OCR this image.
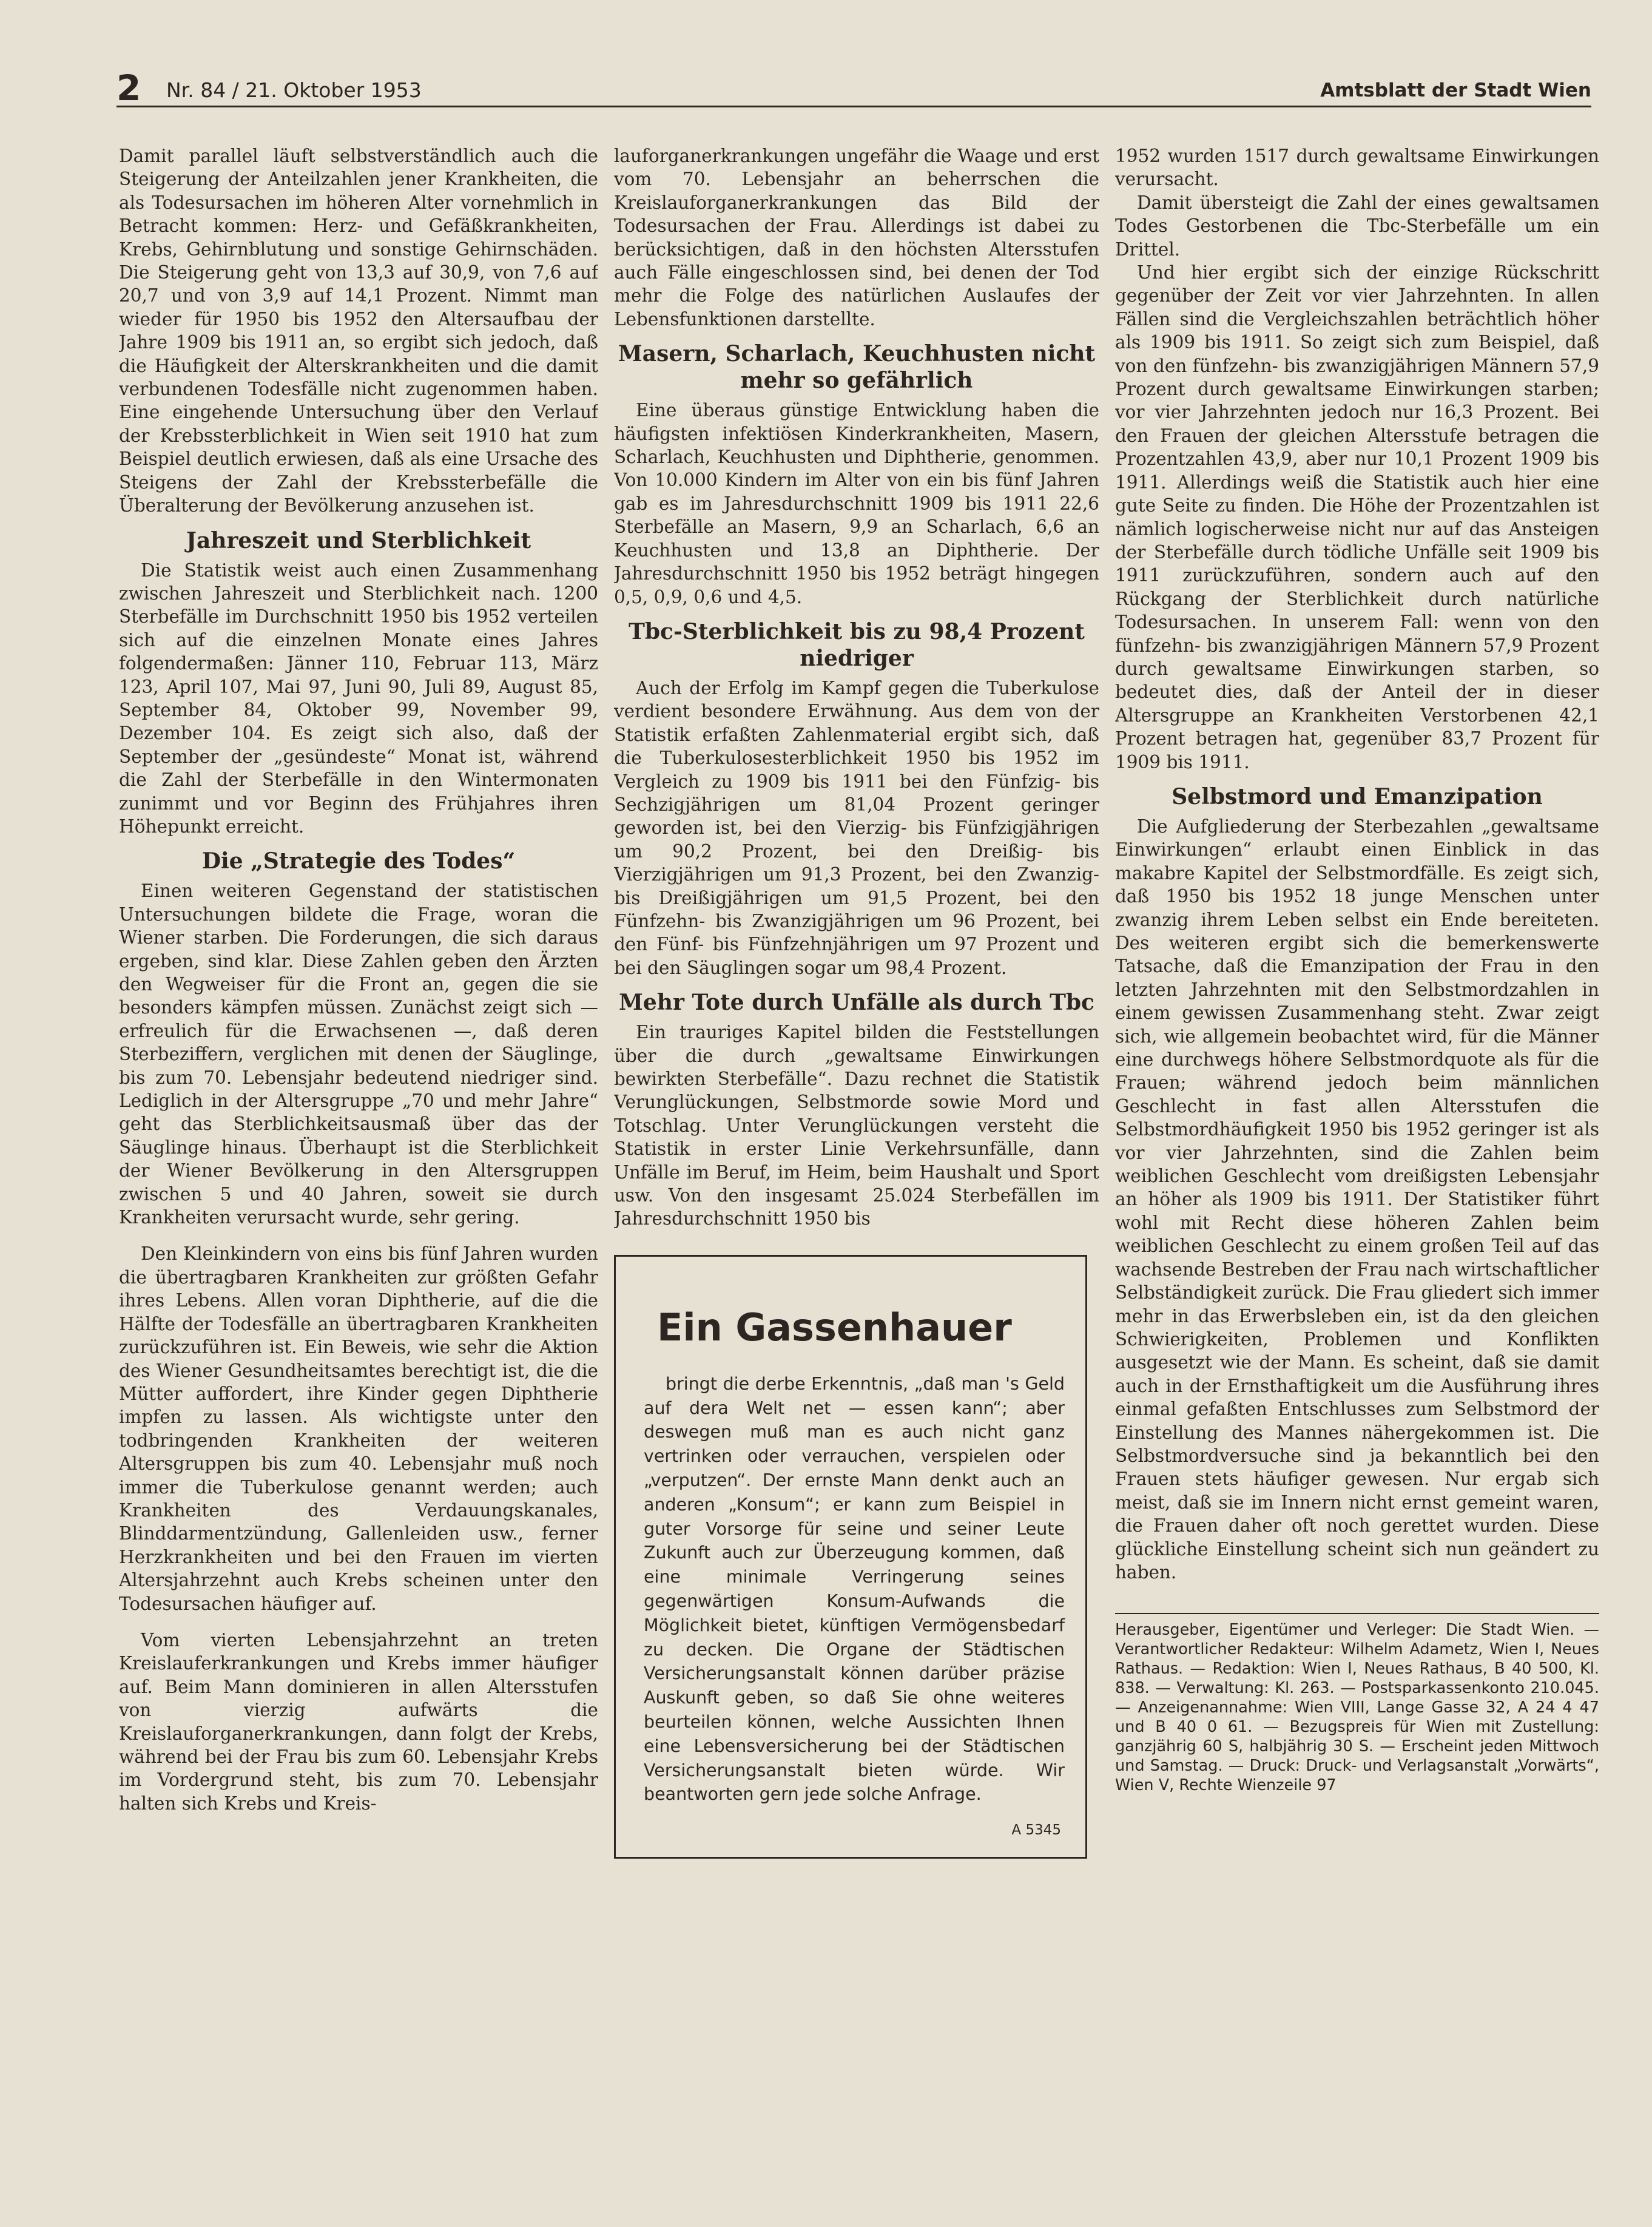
2 Nr. 84 / 21. Oktober 1953	Amtsblatt der Stadt Wien

Damit parallel läuft selbstverständlich auch die Steigerung der Anteilzahlen jener Krankheiten, die als Todesursachen im höheren Alter vornehmlich in Betracht kommen: Herz- und Gefäßkrankheiten, Krebs, Gehirnblutung und sonstige Gehirnschäden. Die Steigerung geht von 13,3 auf 30,9, von 7,6 auf 20,7 und von 3,9 auf 14,1 Prozent. Nimmt man wieder für 1950 bis 1952 den Altersaufbau der Jahre 1909 bis 1911 an, so ergibt sich jedoch, daß die Häufigkeit der Alterskrankheiten und die damit verbundenen Todesfälle nicht zugenommen haben. Eine eingehende Untersuchung über den Verlauf der Krebssterblichkeit in Wien seit 1910 hat zum Beispiel deutlich erwiesen, daß als eine Ursache des Steigens der Zahl der Krebssterbefälle die Überalterung der Bevölkerung anzusehen ist.

Jahreszeit und Sterblichkeit

Die Statistik weist auch einen Zusammenhang zwischen Jahreszeit und Sterblichkeit nach. 1200 Sterbefälle im Durchschnitt 1950 bis 1952 verteilen sich auf die einzelnen Monate eines Jahres folgendermaßen: Jänner 110, Februar 113, März 123, April 107, Mai 97, Juni 90, Juli 89, August 85, September 84, Oktober 99, November 99, Dezember 104. Es zeigt sich also, daß der September der „gesündeste“ Monat ist, während die Zahl der Sterbefälle in den Wintermonaten zunimmt und vor Beginn des Frühjahres ihren Höhepunkt erreicht.

Die „Strategie des Todes“

Einen weiteren Gegenstand der statistischen Untersuchungen bildete die Frage, woran die Wiener starben. Die Forderungen, die sich daraus ergeben, sind klar. Diese Zahlen geben den Ärzten den Wegweiser für die Front an, gegen die sie besonders kämpfen müssen. Zunächst zeigt sich — erfreulich für die Erwachsenen —, daß deren Sterbeziffern, verglichen mit denen der Säuglinge, bis zum 70. Lebensjahr bedeutend niedriger sind. Lediglich in der Altersgruppe „70 und mehr Jahre“ geht das Sterblichkeitsausmaß über das der Säuglinge hinaus. Überhaupt ist die Sterblichkeit der Wiener Bevölkerung in den Altersgruppen zwischen 5 und 40 Jahren, soweit sie durch Krankheiten verursacht wurde, sehr gering.

Den Kleinkindern von eins bis fünf Jahren wurden die übertragbaren Krankheiten zur größten Gefahr ihres Lebens. Allen voran Diphtherie, auf die die Hälfte der Todesfälle an übertragbaren Krankheiten zurückzuführen ist. Ein Beweis, wie sehr die Aktion des Wiener Gesundheitsamtes berechtigt ist, die die Mütter auffordert, ihre Kinder gegen Diphtherie impfen zu lassen. Als wichtigste unter den todbringenden Krankheiten der weiteren Altersgruppen bis zum 40. Lebensjahr muß noch immer die Tuberkulose genannt werden; auch Krankheiten des Verdauungskanales, Blinddarmentzündung, Gallenleiden usw., ferner Herzkrankheiten und bei den Frauen im vierten Altersjahrzehnt auch Krebs scheinen unter den Todesursachen häufiger auf.

Vom vierten Lebensjahrzehnt an treten Kreislauferkrankungen und Krebs immer häufiger auf. Beim Mann dominieren in allen Altersstufen von vierzig aufwärts die Kreislauforganerkrankungen, dann folgt der Krebs, während bei der Frau bis zum 60. Lebensjahr Krebs im Vordergrund steht, bis zum 70. Lebensjahr halten sich Krebs und Kreis-

lauforganerkrankungen ungefähr die Waage und erst vom 70. Lebensjahr an beherrschen die Kreislauforganerkrankungen das Bild der Todesursachen der Frau. Allerdings ist dabei zu berücksichtigen, daß in den höchsten Altersstufen auch Fälle eingeschlossen sind, bei denen der Tod mehr die Folge des natürlichen Auslaufes der Lebensfunktionen darstellte.

Masern, Scharlach, Keuchhusten nicht mehr so gefährlich

Eine überaus günstige Entwicklung haben die häufigsten infektiösen Kinderkrankheiten, Masern, Scharlach, Keuchhusten und Diphtherie, genommen. Von 10.000 Kindern im Alter von ein bis fünf Jahren gab es im Jahresdurchschnitt 1909 bis 1911 22,6 Sterbefälle an Masern, 9,9 an Scharlach, 6,6 an Keuchhusten und 13,8 an Diphtherie. Der Jahresdurchschnitt 1950 bis 1952 beträgt hingegen 0,5, 0,9, 0,6 und 4,5.

Tbc-Sterblichkeit bis zu 98,4 Prozent niedriger

Auch der Erfolg im Kampf gegen die Tuberkulose verdient besondere Erwähnung. Aus dem von der Statistik erfaßten Zahlenmaterial ergibt sich, daß die Tuberkulosesterblichkeit 1950 bis 1952 im Vergleich zu 1909 bis 1911 bei den Fünfzig- bis Sechzigjährigen um 81,04 Prozent geringer geworden ist, bei den Vierzig- bis Fünfzigjährigen um 90,2 Prozent, bei den Dreißig- bis Vierzigjährigen um 91,3 Prozent, bei den Zwanzig- bis Dreißigjährigen um 91,5 Prozent, bei den Fünfzehn- bis Zwanzigjährigen um 96 Prozent, bei den Fünf- bis Fünfzehnjährigen um 97 Prozent und bei den Säuglingen sogar um 98,4 Prozent.

Mehr Tote durch Unfälle als durch Tbc

Ein trauriges Kapitel bilden die Feststellungen über die durch „gewaltsame Einwirkungen bewirkten Sterbefälle“. Dazu rechnet die Statistik Verunglückungen, Selbstmorde sowie Mord und Totschlag. Unter Verunglückungen versteht die Statistik in erster Linie Verkehrsunfälle, dann Unfälle im Beruf, im Heim, beim Haushalt und Sport usw. Von den insgesamt 25.024 Sterbefällen im Jahresdurchschnitt 1950 bis

Ein Gassenhauer

bringt die derbe Erkenntnis, „daß man 's Geld auf dera Welt net — essen kann“; aber deswegen muß man es auch nicht ganz vertrinken oder verrauchen, verspielen oder „verputzen“. Der ernste Mann denkt auch an anderen „Konsum“; er kann zum Beispiel in guter Vorsorge für seine und seiner Leute Zukunft auch zur Überzeugung kommen, daß eine minimale Verringerung seines gegenwärtigen Konsum-Aufwands die Möglichkeit bietet, künftigen Vermögensbedarf zu decken. Die Organe der Städtischen Versicherungsanstalt können darüber präzise Auskunft geben, so daß Sie ohne weiteres beurteilen können, welche Aussichten Ihnen eine Lebensversicherung bei der Städtischen Versicherungsanstalt bieten würde. Wir beantworten gern jede solche Anfrage.

A 5345

1952 wurden 1517 durch gewaltsame Einwirkungen verursacht.

Damit übersteigt die Zahl der eines gewaltsamen Todes Gestorbenen die Tbc-Sterbefälle um ein Drittel.

Und hier ergibt sich der einzige Rückschritt gegenüber der Zeit vor vier Jahrzehnten. In allen Fällen sind die Vergleichszahlen beträchtlich höher als 1909 bis 1911. So zeigt sich zum Beispiel, daß von den fünfzehn- bis zwanzigjährigen Männern 57,9 Prozent durch gewaltsame Einwirkungen starben; vor vier Jahrzehnten jedoch nur 16,3 Prozent. Bei den Frauen der gleichen Altersstufe betragen die Prozentzahlen 43,9, aber nur 10,1 Prozent 1909 bis 1911. Allerdings weiß die Statistik auch hier eine gute Seite zu finden. Die Höhe der Prozentzahlen ist nämlich logischerweise nicht nur auf das Ansteigen der Sterbefälle durch tödliche Unfälle seit 1909 bis 1911 zurückzuführen, sondern auch auf den Rückgang der Sterblichkeit durch natürliche Todesursachen. In unserem Fall: wenn von den fünfzehn- bis zwanzigjährigen Männern 57,9 Prozent durch gewaltsame Einwirkungen starben, so bedeutet dies, daß der Anteil der in dieser Altersgruppe an Krankheiten Verstorbenen 42,1 Prozent betragen hat, gegenüber 83,7 Prozent für 1909 bis 1911.

Selbstmord und Emanzipation

Die Aufgliederung der Sterbezahlen „gewaltsame Einwirkungen“ erlaubt einen Einblick in das makabre Kapitel der Selbstmordfälle. Es zeigt sich, daß 1950 bis 1952 18 junge Menschen unter zwanzig ihrem Leben selbst ein Ende bereiteten. Des weiteren ergibt sich die bemerkenswerte Tatsache, daß die Emanzipation der Frau in den letzten Jahrzehnten mit den Selbstmordzahlen in einem gewissen Zusammenhang steht. Zwar zeigt sich, wie allgemein beobachtet wird, für die Männer eine durchwegs höhere Selbstmordquote als für die Frauen; während jedoch beim männlichen Geschlecht in fast allen Altersstufen die Selbstmordhäufigkeit 1950 bis 1952 geringer ist als vor vier Jahrzehnten, sind die Zahlen beim weiblichen Geschlecht vom dreißigsten Lebensjahr an höher als 1909 bis 1911. Der Statistiker führt wohl mit Recht diese höheren Zahlen beim weiblichen Geschlecht zu einem großen Teil auf das wachsende Bestreben der Frau nach wirtschaftlicher Selbständigkeit zurück. Die Frau gliedert sich immer mehr in das Erwerbsleben ein, ist da den gleichen Schwierigkeiten, Problemen und Konflikten ausgesetzt wie der Mann. Es scheint, daß sie damit auch in der Ernsthaftigkeit um die Ausführung ihres einmal gefaßten Entschlusses zum Selbstmord der Einstellung des Mannes nähergekommen ist. Die Selbstmordversuche sind ja bekanntlich bei den Frauen stets häufiger gewesen. Nur ergab sich meist, daß sie im Innern nicht ernst gemeint waren, die Frauen daher oft noch gerettet wurden. Diese glückliche Einstellung scheint sich nun geändert zu haben.

Herausgeber, Eigentümer und Verleger: Die Stadt Wien. — Verantwortlicher Redakteur: Wilhelm Adametz, Wien I, Neues Rathaus. — Redaktion: Wien I, Neues Rathaus, B 40 500, Kl. 838. — Verwaltung: Kl. 263. — Postsparkassenkonto 210.045. — Anzeigenannahme: Wien VIII, Lange Gasse 32, A 24 4 47 und B 40 0 61. — Bezugspreis für Wien mit Zustellung: ganzjährig 60 S, halbjährig 30 S. — Erscheint jeden Mittwoch und Samstag. — Druck: Druck- und Verlagsanstalt „Vorwärts“, Wien V, Rechte Wienzeile 97
